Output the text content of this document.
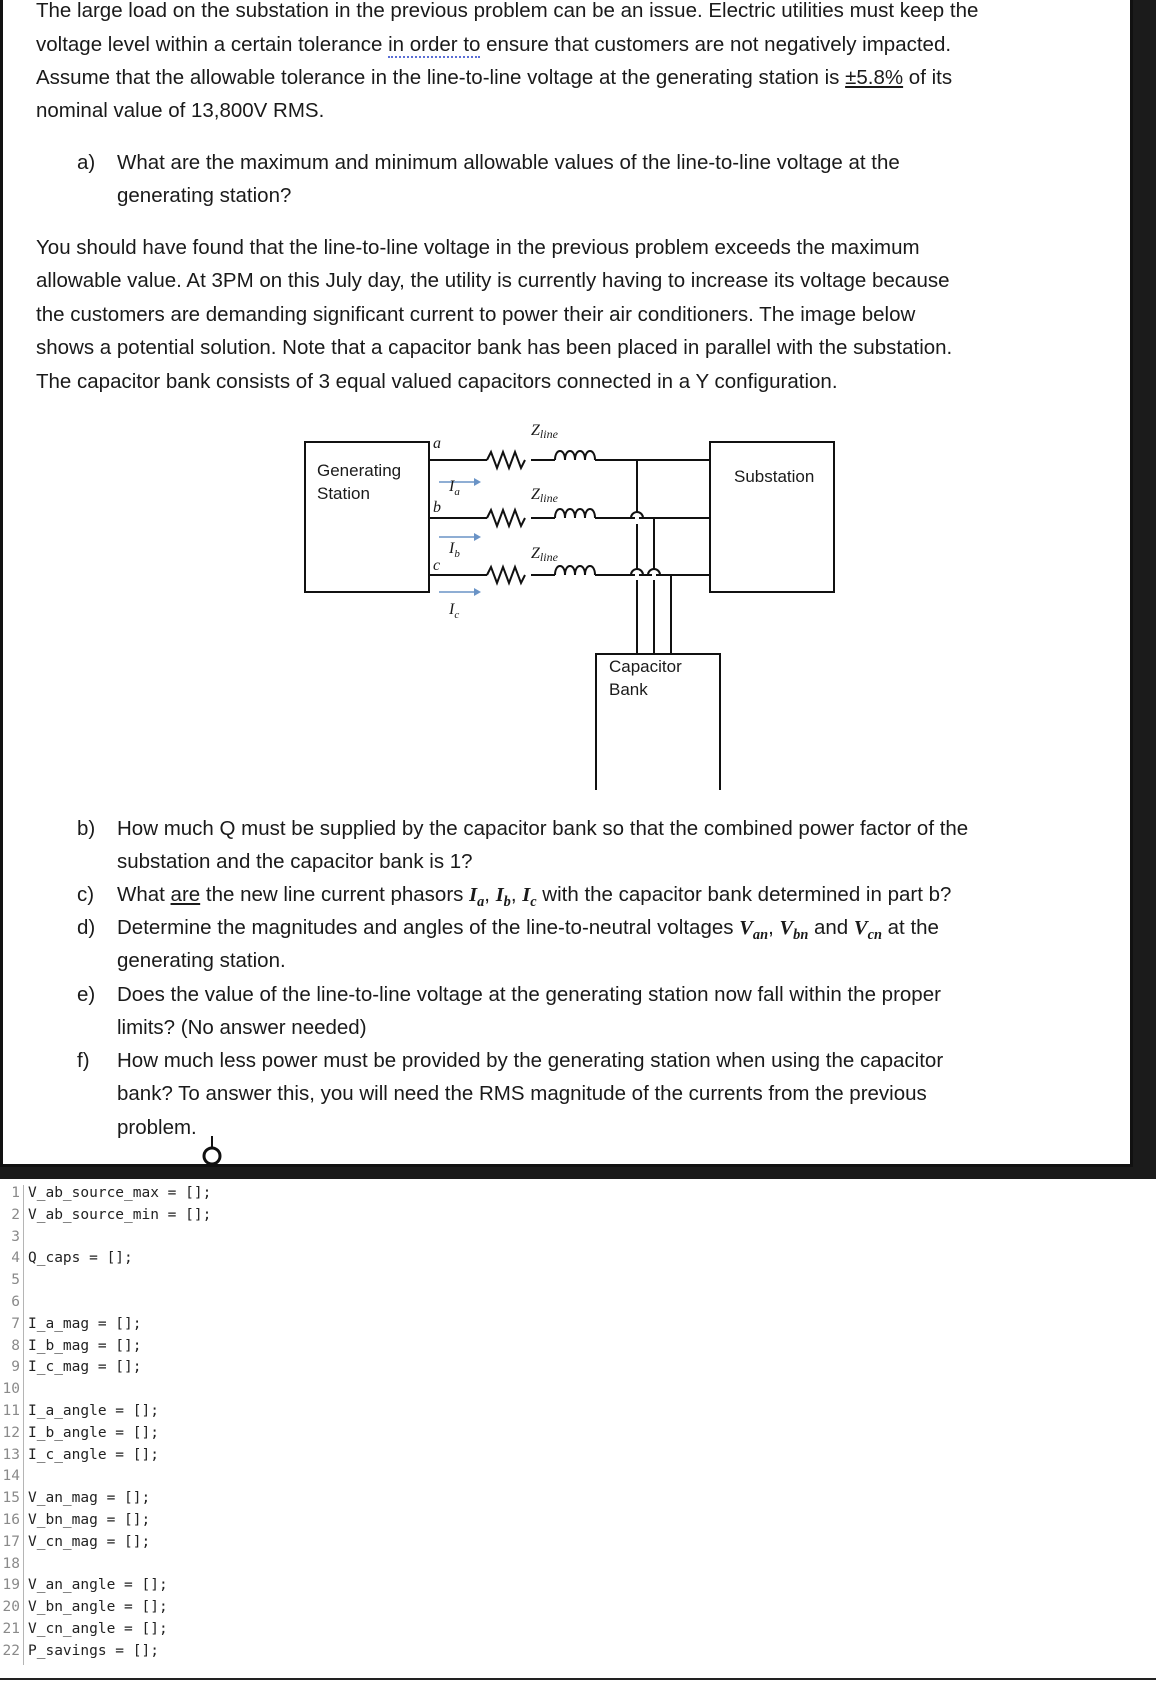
The large load on the substation in the previous problem can be an issue. Electric utilities must keep the

voltage level within a certain tolerance in order to ensure that customers are not negatively impacted.

Assume that the allowable tolerance in the line-to-line voltage at the generating station is ±5.8% of its

nominal value of 13,800V RMS.

a) What are the maximum and minimum allowable values of the line-to-line voltage at the
generating station?

You should have found that the line-to-line voltage in the previous problem exceeds the maximum

allowable value. At 3PM on this July day, the utility is currently having to increase its voltage because

the customers are demanding significant current to power their air conditioners. The image below

shows a potential solution. Note that a capacitor bank has been placed in parallel with the substation.

The capacitor bank consists of 3 equal valued capacitors connected in a Y configuration.

Generating
Station
Substation
Capacitor
Bank
a
b
c
$I_a$
$I_b$
$I_c$
Zline
Zline
Zline
b) How much Q must be supplied by the capacitor bank so that the combined power factor of the
substation and the capacitor bank is 1?
c) What are the new line current phasors $I_a$, $I_b$, $I_c$ with the capacitor bank determined in part b?
d) Determine the magnitudes and angles of the line-to-neutral voltages $V_{an}$, $V_{bn}$ and $V_{cn}$ at the
generating station.
e) Does the value of the line-to-line voltage at the generating station now fall within the proper
limits? (No answer needed)
f) How much less power must be provided by the generating station when using the capacitor
bank? To answer this, you will need the RMS magnitude of the currents from the previous
problem.
1 V_ab_source_max = [];
2 V_ab_source_min = [];
3
4 Q_caps = [];
5
6
7 I_a_mag = [];
8 I_b_mag = [];
9 I_c_mag = [];
10
11 I_a_angle = [];
12 I_b_angle = [];
13 I_c_angle = [];
14
15 V_an_mag = [];
16 V_bn_mag = [];
17 V_cn_mag = [];
18
19 V_an_angle = [];
20 V_bn_angle = [];
21 V_cn_angle = [];
22 P_savings = [];
